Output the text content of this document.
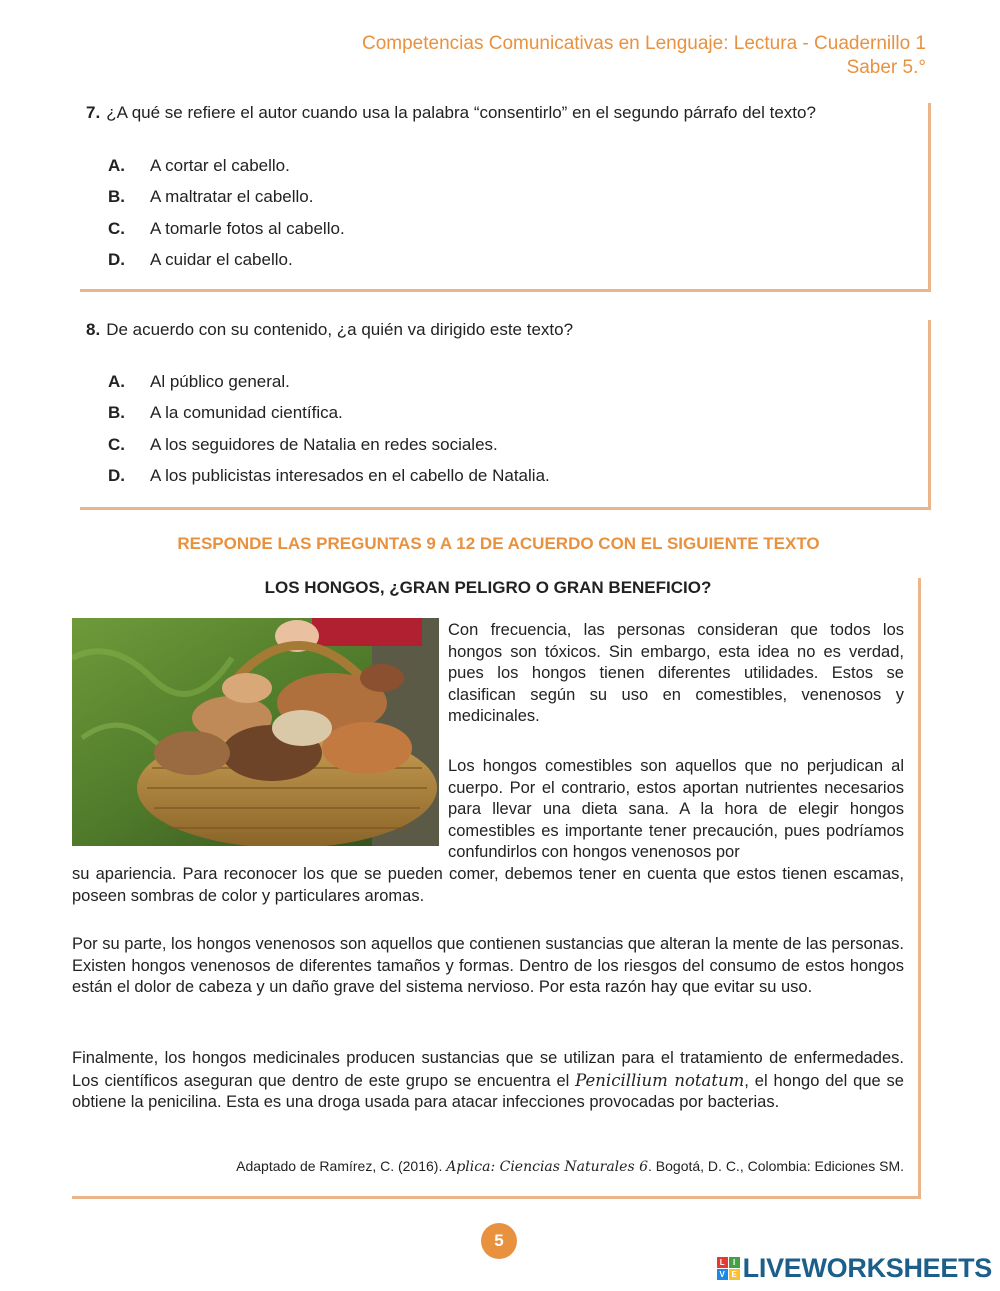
Competencias Comunicativas en Lenguaje: Lectura - Cuadernillo 1
Saber 5.°
7. ¿A qué se refiere el autor cuando usa la palabra “consentirlo” en el segundo párrafo del texto?
A. A cortar el cabello.
B. A maltratar el cabello.
C. A tomarle fotos al cabello.
D. A cuidar el cabello.
8. De acuerdo con su contenido, ¿a quién va dirigido este texto?
A. Al público general.
B. A la comunidad científica.
C. A los seguidores de Natalia en redes sociales.
D. A los publicistas interesados en el cabello de Natalia.
RESPONDE LAS PREGUNTAS 9 A 12 DE ACUERDO CON EL SIGUIENTE TEXTO
LOS HONGOS, ¿GRAN PELIGRO O GRAN BENEFICIO?
Con frecuencia, las personas consideran que todos los hongos son tóxicos. Sin embargo, esta idea no es verdad, pues los hongos tienen diferentes utilidades. Estos se clasifican según su uso en comestibles, venenosos y medicinales.
Los hongos comestibles son aquellos que no perjudican al cuerpo. Por el contrario, estos aportan nutrientes necesarios para llevar una dieta sana. A la hora de elegir hongos comestibles es importante tener precaución, pues podríamos confundirlos con hongos venenosos por
su apariencia. Para reconocer los que se pueden comer, debemos tener en cuenta que estos tienen escamas, poseen sombras de color y particulares aromas.
Por su parte, los hongos venenosos son aquellos que contienen sustancias que alteran la mente de las personas. Existen hongos venenosos de diferentes tamaños y formas. Dentro de los riesgos del consumo de estos hongos están el dolor de cabeza y un daño grave del sistema nervioso. Por esta razón hay que evitar su uso.
Finalmente, los hongos medicinales producen sustancias que se utilizan para el tratamiento de enfermedades. Los científicos aseguran que dentro de este grupo se encuentra el Penicillium notatum, el hongo del que se obtiene la penicilina. Esta es una droga usada para atacar infecciones provocadas por bacterias.
Adaptado de Ramírez, C. (2016). Aplica: Ciencias Naturales 6. Bogotá, D. C., Colombia: Ediciones SM.
5
L	I
V E LIVEWORKSHEETS
